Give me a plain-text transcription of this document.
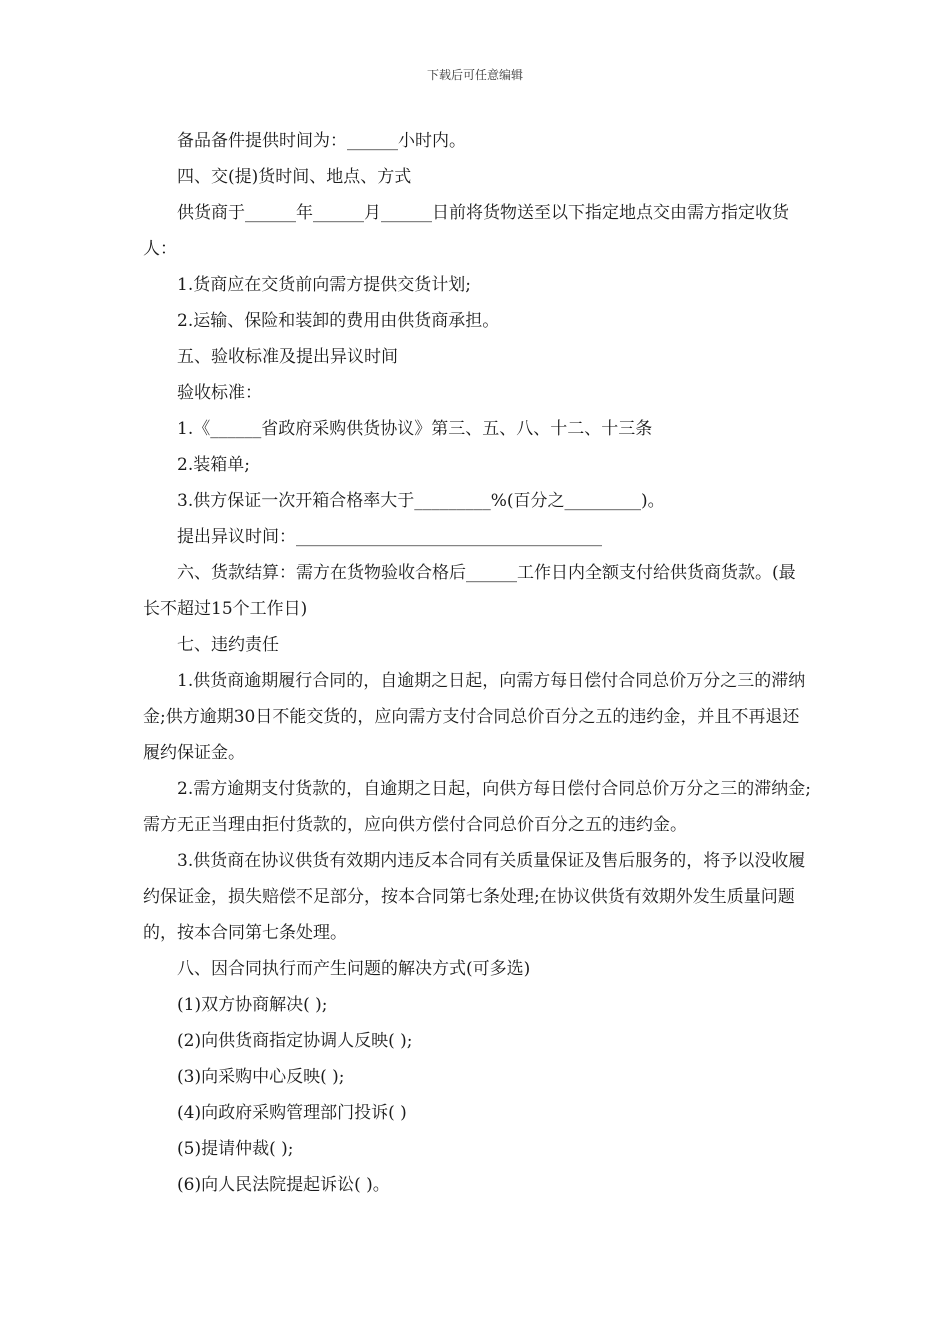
下载后可任意编辑

备品备件提供时间为：______小时内。

四、交(提)货时间、地点、方式

供货商于______年______月______日前将货物送至以下指定地点交由需方指定收货人：

1.货商应在交货前向需方提供交货计划;

2.运输、保险和装卸的费用由供货商承担。

五、验收标准及提出异议时间

验收标准：

1.《______省政府采购供货协议》第三、五、八、十二、十三条

2.装箱单;

3.供方保证一次开箱合格率大于_________%(百分之_________)。

提出异议时间：____________________________________

六、货款结算：需方在货物验收合格后______工作日内全额支付给供货商货款。(最长不超过15个工作日)

七、违约责任

1.供货商逾期履行合同的，自逾期之日起，向需方每日偿付合同总价万分之三的滞纳金;供方逾期30日不能交货的，应向需方支付合同总价百分之五的违约金，并且不再退还履约保证金。

2.需方逾期支付货款的，自逾期之日起，向供方每日偿付合同总价万分之三的滞纳金;需方无正当理由拒付货款的，应向供方偿付合同总价百分之五的违约金。

3.供货商在协议供货有效期内违反本合同有关质量保证及售后服务的，将予以没收履约保证金，损失赔偿不足部分，按本合同第七条处理;在协议供货有效期外发生质量问题的，按本合同第七条处理。

八、因合同执行而产生问题的解决方式(可多选)

(1)双方协商解决( );

(2)向供货商指定协调人反映( );

(3)向采购中心反映( );

(4)向政府采购管理部门投诉( )

(5)提请仲裁( );

(6)向人民法院提起诉讼( )。
